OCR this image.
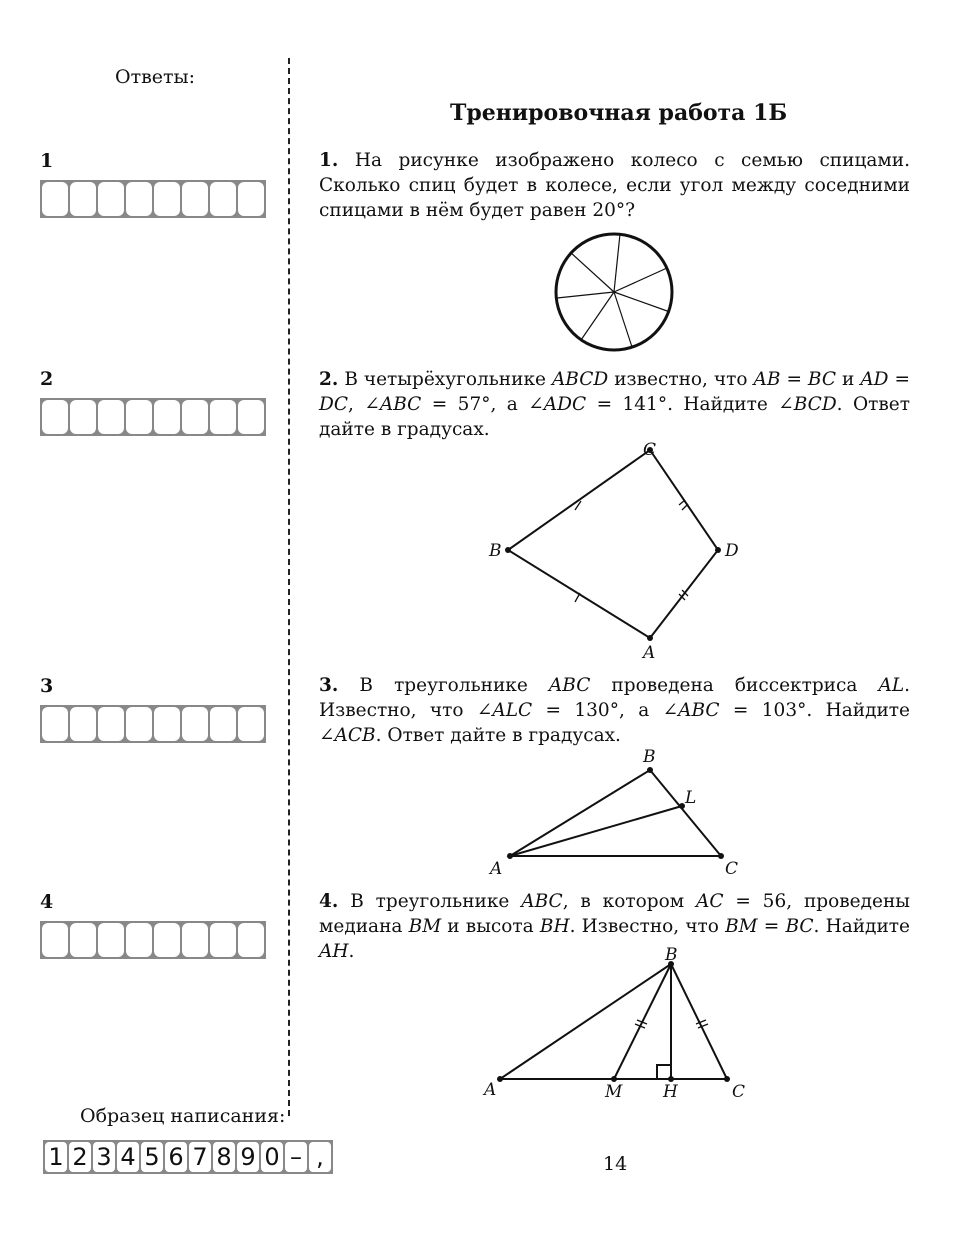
Ответы:
1
2
3
4
Тренировочная работа 1Б
1. На рисунке изображено колесо с семью спицами. Сколько спиц будет в колесе, если угол между соседними спицами в нём будет равен 20°?
2. В четырёхугольнике ABCD известно, что AB = BC и AD = DC, ∠ABC = 57°, а ∠ADC = 141°. Найдите ∠BCD. Ответ дайте в градусах.
B
C
D
A
3. В треугольнике ABC проведена биссектриса AL. Известно, что ∠ALC = 130°, а ∠ABC = 103°. Найдите ∠ACB. Ответ дайте в градусах.
B
L
A	C
4. В треугольнике ABC, в котором AC = 56, проведены медиана BM и высота BH. Известно, что BM = BC. Найдите AH.	B
A	M H	C
Образец написания:
1 2 3 4 5 6 7 8 9 0 – ,	14
